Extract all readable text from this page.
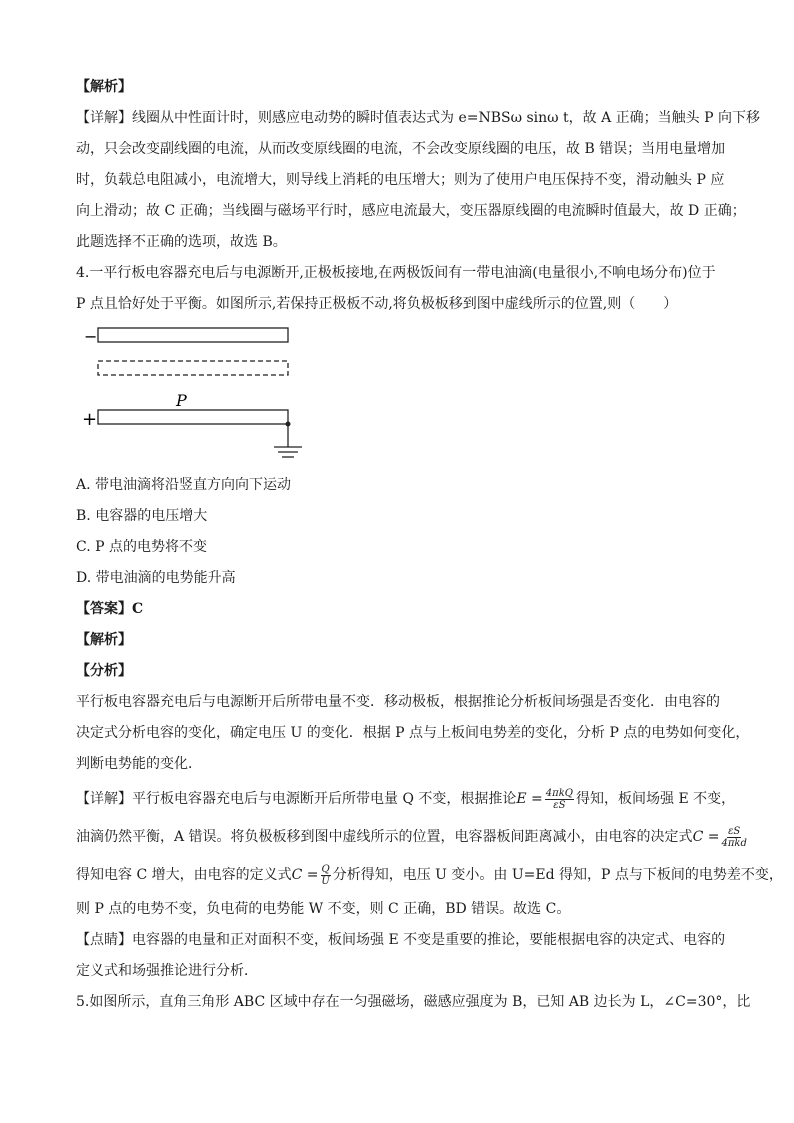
【解析】

【详解】线圈从中性面计时，则感应电动势的瞬时值表达式为 e=NBSω sinω t，故 A 正确；当触头 P 向下移

动，只会改变副线圈的电流，从而改变原线圈的电流，不会改变原线圈的电压，故 B 错误；当用电量增加

时，负载总电阻减小，电流增大，则导线上消耗的电压增大；则为了使用户电压保持不变，滑动触头 P 应

向上滑动；故 C 正确；当线圈与磁场平行时，感应电流最大，变压器原线圈的电流瞬时值最大，故 D 正确；

此题选择不正确的选项，故选 B。

4.一平行板电容器充电后与电源断开,正极板接地,在两极饭间有一带电油滴(电量很小,不响电场分布)位于

P 点且恰好处于平衡。如图所示,若保持正极板不动,将负极板移到图中虚线所示的位置,则（　　）

−
P
+

A. 带电油滴将沿竖直方向向下运动

B. 电容器的电压增大

C. P 点的电势将不变

D. 带电油滴的电势能升高

【答案】C

【解析】

【分析】

平行板电容器充电后与电源断开后所带电量不变．移动极板，根据推论分析板间场强是否变化．由电容的

决定式分析电容的变化，确定电压 U 的变化．根据 P 点与上板间电势差的变化，分析 P 点的电势如何变化，

判断电势能的变化．

【详解】平行板电容器充电后与电源断开后所带电量 Q 不变，根据推论$E = \frac{\text{4πkQ}}{\varepsilon S}$ 得知，板间场强 E 不变，

油滴仍然平衡，A 错误。将负极板移到图中虚线所示的位置，电容器板间距离减小，由电容的决定式$C = \frac{\varepsilon S}{\text{4πkd}}$

得知电容 C 增大，由电容的定义式$C = \frac{Q}{U}$ 分析得知，电压 U 变小。由 U=Ed 得知，P 点与下板间的电势差不变，

则 P 点的电势不变，负电荷的电势能 W 不变，则 C 正确，BD 错误。故选 C。

【点睛】电容器的电量和正对面积不变，板间场强 E 不变是重要的推论，要能根据电容的决定式、电容的

定义式和场强推论进行分析．

5.如图所示，直角三角形 ABC 区域中存在一匀强磁场，磁感应强度为 B，已知 AB 边长为 L，∠C=30°，比
